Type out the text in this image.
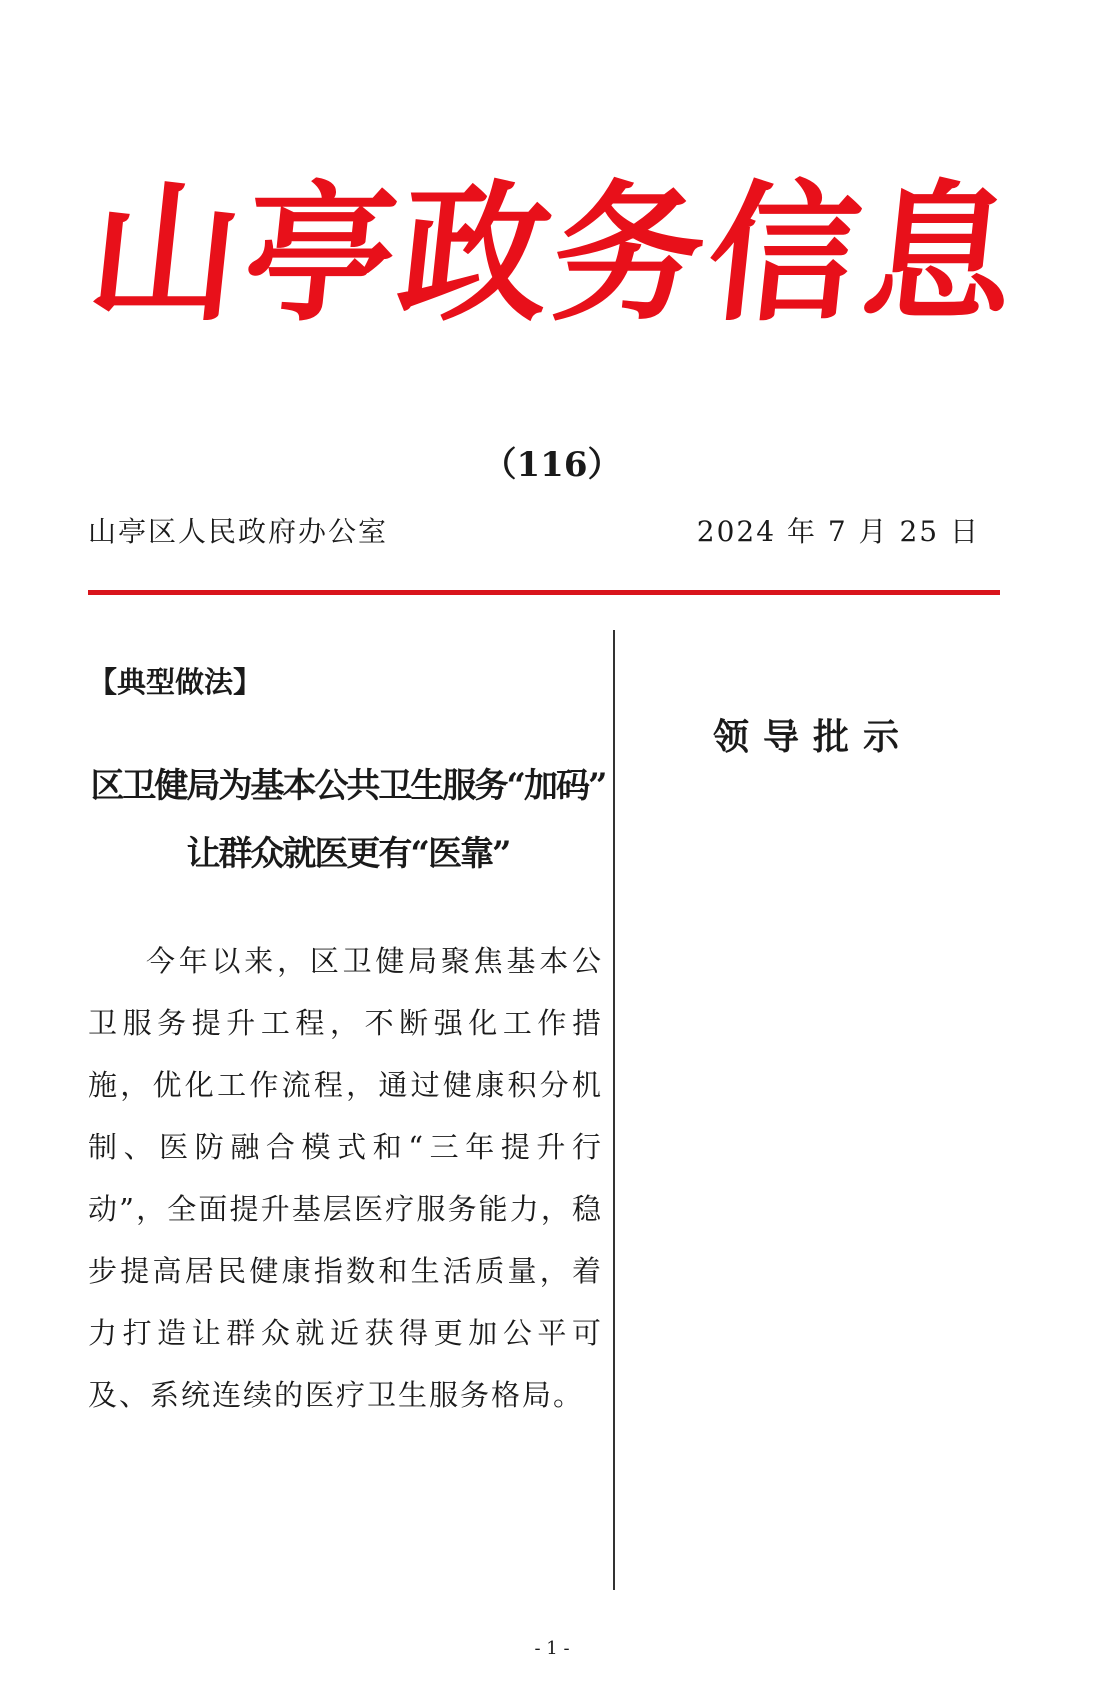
山
亭
政
务
信
息
（116）
山亭区人民政府办公室	2024 年 7 月 25 日
【典型做法】
区卫健局为基本公共卫生服务“加码”
让群众就医更有“医靠”

今年以来，区卫健局聚焦基本公卫服务提升工程，不断强化工作措施，优化工作流程，通过健康积分机制、医防融合模式和“三年提升行动”，全面提升基层医疗服务能力，稳步提高居民健康指数和生活质量，着力打造让群众就近获得更加公平可及、系统连续的医疗卫生服务格局。

领导批示
- 1 -
